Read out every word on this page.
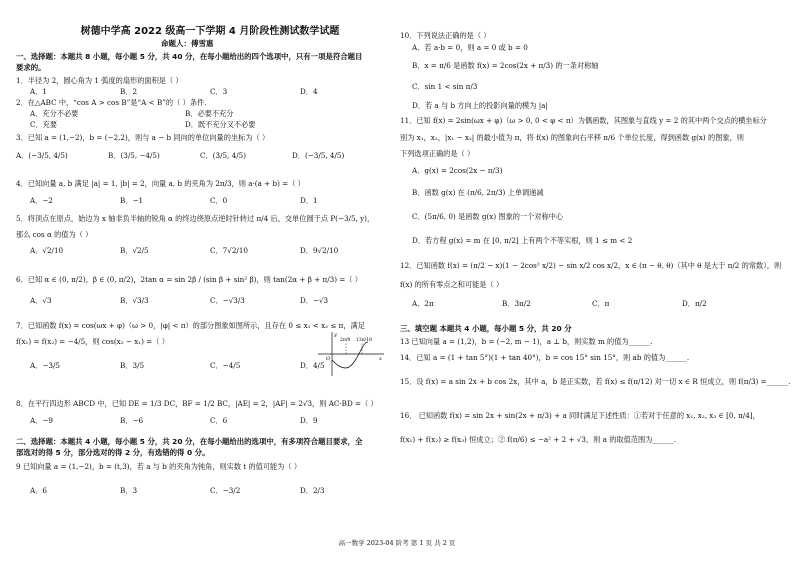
树德中学高 2022 级高一下学期 4 月阶段性测试数学试题
命题人：傅雪惠
一、选择题：本题共 8 小题，每小题 5 分，共 40 分，在每小题给出的四个选项中，只有一项是符合题目
要求的。
1．半径为 2，圆心角为 1 弧度的扇形的面积是（ ）
A．1	B．2	C．3	D．4
2．在△ABC 中，“cos A > cos B”是“A < B”的（ ）条件.
A．充分不必要	B．必要不充分
C．充要	D．既不充分又不必要
3．已知 a = (1,−2)，b = (−2,2)，则与 a − b 同向的单位向量的坐标为（ ）
A．(−3/5, 4/5)	B．(3/5, −4/5)	C．(3/5, 4/5)	D．(−3/5, 4/5)
4．已知向量 a, b 满足 |a| = 1, |b| = 2，向量 a, b 的夹角为 2π/3，则 a·(a + b) =（ ）
A．−2	B．−1	C．0	D．1
5．将顶点在原点，始边为 x 轴非负半轴的锐角 α 的终边绕原点逆时针转过 π/4 后，交单位圆于点 P(−3/5, y)，
那么 cos α 的值为（ ）
A．√2/10	B．√2/5	C．7√2/10	D．9√2/10
6．已知 α ∈ (0, π/2)，β ∈ (0, π/2)，2tan α = sin 2β / (sin β + sin² β)，则 tan(2α + β + π/3) =（ ）
A．√3	B．√3/3	C．−√3/3	D．−√3
7．已知函数 f(x) = cos(ωx + φ)（ω > 0，|φ| < π）的部分图象如图所示，且存在 0 ≤ x₁ < x₂ ≤ π，满足
f(x₁) = f(x₂) = −4/5，则 cos(x₂ − x₁) =（ ）
A．−3/5	B．3/5	C．−4/5	D．4/5
2π/9 13π/18
y
x
O
8．在平行四边形 ABCD 中，已知 DE = 1/3 DC，BF = 1/2 BC，|AE| = 2，|AF| = 2√3，则 AC·BD =（ ）
A．−9	B．−6	C．6	D．9
二、选择题：本题共 4 小题，每小题 5 分，共 20 分，在每小题给出的选项中，有多项符合题目要求，全
部选对的得 5 分，部分选对的得 2 分，有选错的得 0 分。
9 已知向量 a = (1,−2)，b = (t,3)，若 a 与 b 的夹角为钝角，则实数 t 的值可能为（ ）
A．6	B．3	C．−3/2	D．2/3
10．下列说法正确的是（ ）
A．若 a·b = 0，则 a = 0 或 b = 0
B．x = π/6 是函数 f(x) = 2cos(2x + π/3) 的一条对称轴
C．sin 1 < sin π/3
D．若 a 与 b 方向上的投影向量的模为 |a|
11．已知 f(x) = 2sin(ωx + φ)（ω > 0, 0 < φ < π）为偶函数，其图象与直线 y = 2 的其中两个交点的横坐标分
别为 x₁，x₂，|x₁ − x₂| 的最小值为 π，将 f(x) 的图象向右平移 π/6 个单位长度，得到函数 g(x) 的图象，则
下列选项正确的是（ ）
A．g(x) = 2cos(2x − π/3)
B．函数 g(x) 在 (π/6, 2π/3) 上单调递减
C．(5π/6, 0) 是函数 g(x) 图象的一个对称中心
D．若方程 g(x) = m 在 [0, π/2] 上有两个不等实根，则 1 ≤ m < 2
12．已知函数 f(x) = (π/2 − x)(1 − 2cos² x/2) − sin x/2 cos x/2，x ∈ (π − θ, θ)（其中 θ 是大于 π/2 的常数），则
f(x) 的所有零点之和可能是（ ）
A．2π	B．3π/2	C．π	D．π/2
三、填空题 本题共 4 小题，每小题 5 分，共 20 分
13 已知向量 a = (1,2)，b = (−2, m − 1)，a ⊥ b，则实数 m 的值为______.
14．已知 a = (1 + tan 5°)(1 + tan 40°)，b = cos 15° sin 15°，则 ab 的值为______.
15．设 f(x) = a sin 2x + b cos 2x，其中 a，b 是正实数，若 f(x) ≤ f(π/12) 对一切 x ∈ R 恒成立，则 f(π/3) =______.
16． 已知函数 f(x) = sin 2x + sin(2x + π/3) + a 同时满足下述性质：①若对于任意的 x₁, x₂, x₃ ∈ [0, π/4]，
f(x₁) + f(x₂) ≥ f(x₃) 恒成立；② f(π/6) ≤ −a² + 2 + √3，则 a 的取值范围为______.
高一数学 2023-04 阶考 第 1 页 共 2 页
